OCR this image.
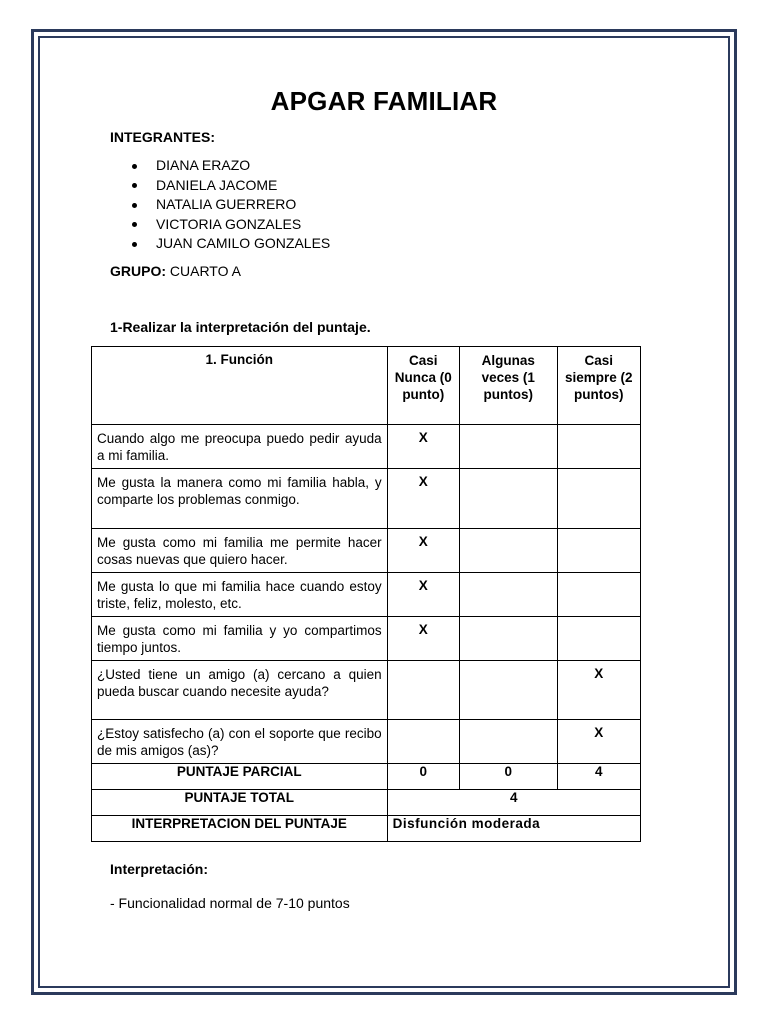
APGAR FAMILIAR
INTEGRANTES:
DIANA ERAZO
DANIELA JACOME
NATALIA GUERRERO
VICTORIA GONZALES
JUAN CAMILO GONZALES
GRUPO: CUARTO A
1-Realizar la interpretación del puntaje.
1. Función	Casi Nunca (0 punto)	Algunas veces (1 puntos)	Casi siempre (2 puntos)
Cuando algo me preocupa puedo pedir ayuda a mi familia.	X		
Me gusta la manera como mi familia habla, y comparte los problemas conmigo.	X		
Me gusta como mi familia me permite hacer cosas nuevas que quiero hacer.	X		
Me gusta lo que mi familia hace cuando estoy triste, feliz, molesto, etc.	X		
Me gusta como mi familia y yo compartimos tiempo juntos.	X		
¿Usted tiene un amigo (a) cercano a quien pueda buscar cuando necesite ayuda?			X
¿Estoy satisfecho (a) con el soporte que recibo de mis amigos (as)?			X
PUNTAJE PARCIAL	0	0	4
PUNTAJE TOTAL	4		
INTERPRETACION DEL PUNTAJE	Disfunción moderada		
Interpretación:
- Funcionalidad normal de 7-10 puntos
